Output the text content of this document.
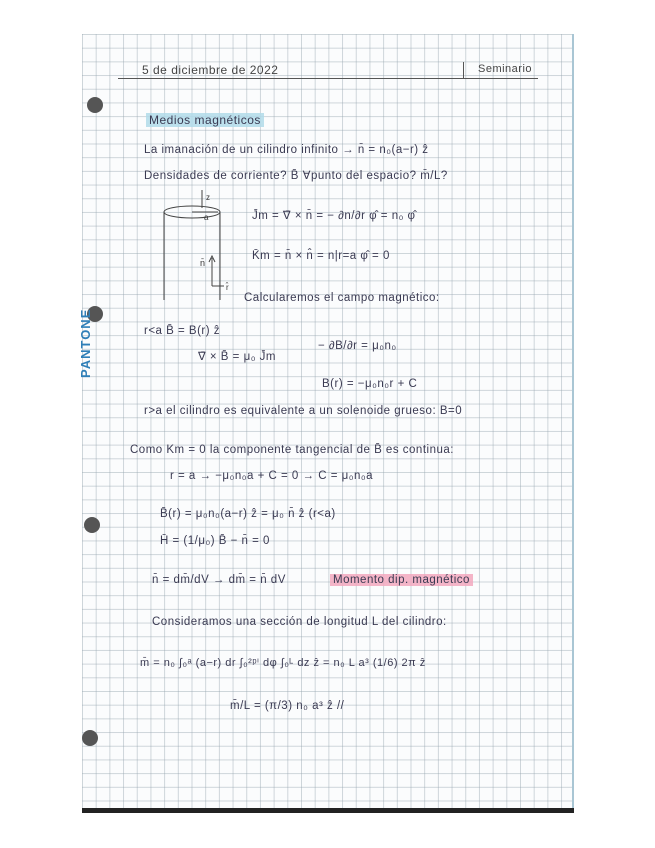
PANTONE
5 de diciembre de 2022	Seminario
Medios magnéticos
La imanación de un cilindro infinito → n̄ = n₀(a−r) ẑ
Densidades de corriente? B̄ ∀punto del espacio? m̄/L?
J̄m = ∇̄ × n̄ = − ∂n/∂r φ̂ = n₀ φ̂
K̄m = n̄ × n̂ = n|r=a φ̂ = 0
Calcularemos el campo magnético:
r<a B̄ = B(r) ẑ
− ∂B/∂r = μ₀n₀
∇̄ × B̄ = μ₀ J̄m
B(r) = −μ₀n₀r + C
r>a el cilindro es equivalente a un solenoide grueso: B=0
Como Km = 0 la componente tangencial de B̄ es continua:
r = a → −μ₀n₀a + C = 0 → C = μ₀n₀a
B̄(r) = μ₀n₀(a−r) ẑ = μ₀ n̄ ẑ (r<a)
H̄ = (1/μ₀) B̄ − n̄ = 0
n̄ = dm̄/dV → dm̄ = n̄ dV	Momento dip. magnético
Consideramos una sección de longitud L del cilindro:
m̄ = n₀ ∫₀ᵃ (a−r) dr ∫₀²ᵖⁱ dφ ∫₀ᴸ dz ẑ = n₀ L a³ (1/6) 2π ẑ
m̄/L = (π/3) n₀ a³ ẑ //
a
z
n̄
r̂
